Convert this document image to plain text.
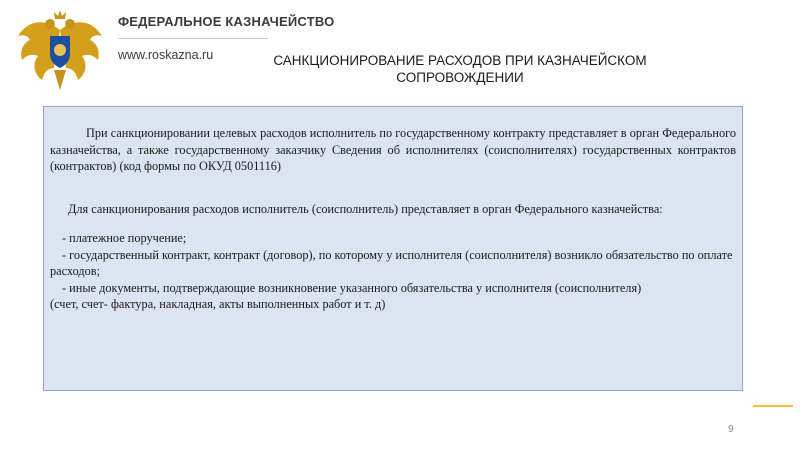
ФЕДЕРАЛЬНОЕ КАЗНАЧЕЙСТВО
www.roskazna.ru	САНКЦИОНИРОВАНИЕ РАСХОДОВ ПРИ КАЗНАЧЕЙСКОМ
СОПРОВОЖДЕНИИ

При санкционировании целевых расходов исполнитель по государственному контракту представляет в орган Федерального казначейства, а также государственному заказчику Сведения об исполнителях (соисполнителях) государственных контрактов (контрактов) (код формы по ОКУД 0501116)

Для санкционирования расходов исполнитель (соисполнитель) представляет в орган Федерального казначейства:

- платежное поручение;

- государственный контракт, контракт (договор), по которому у исполнителя (соисполнителя) возникло обязательство по оплате расходов;

- иные документы, подтверждающие возникновение указанного обязательства у исполнителя (соисполнителя)

(счет, счет- фактура, накладная, акты выполненных работ и т. д)

9
